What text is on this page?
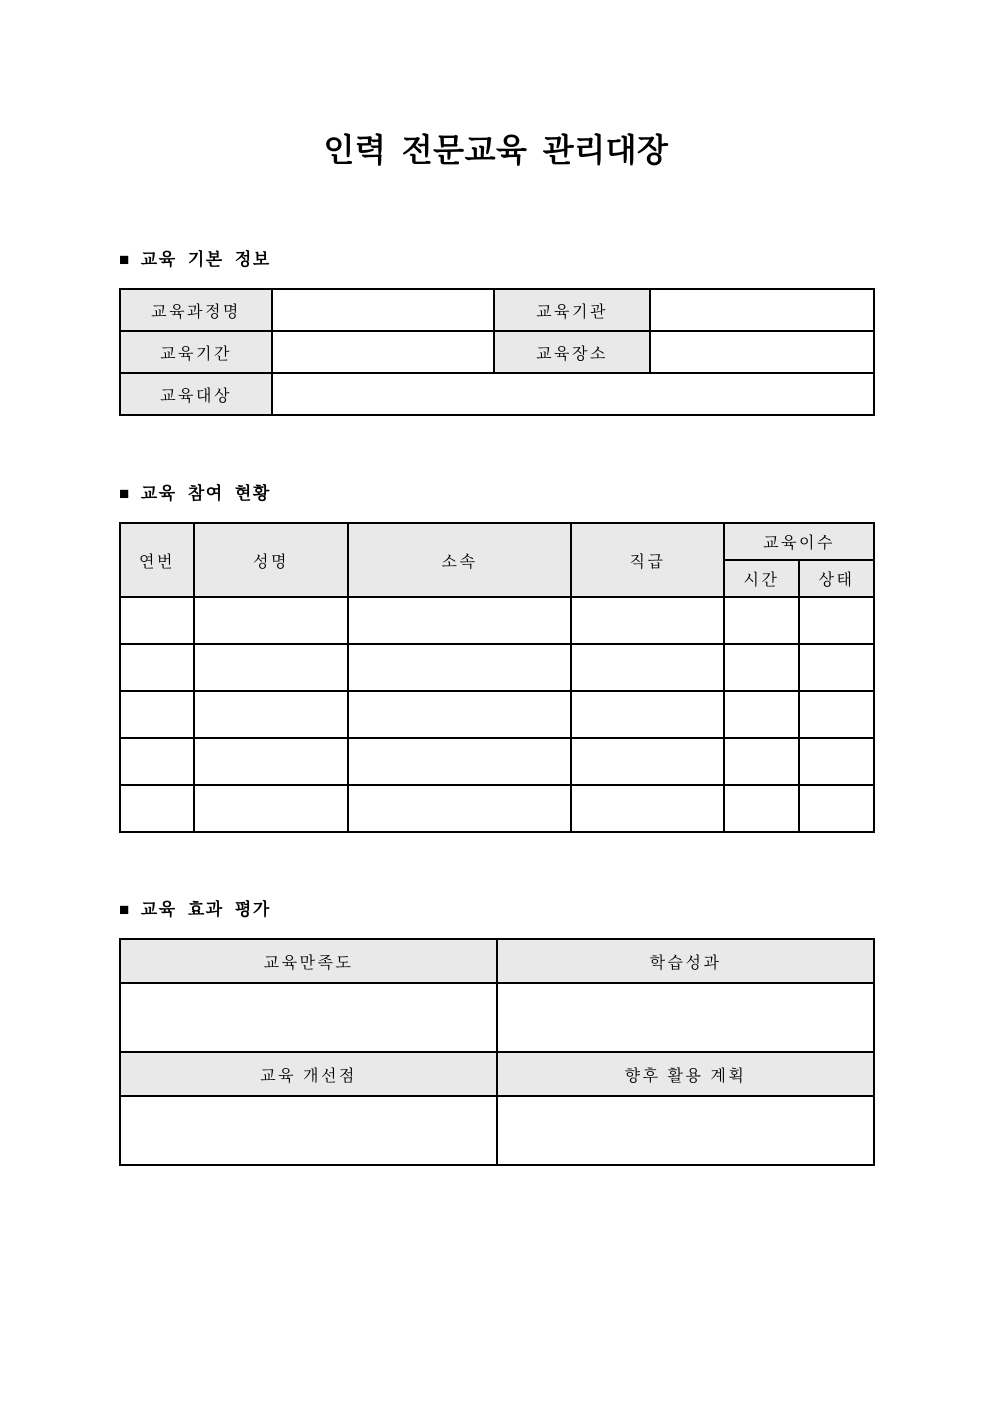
인력 전문교육 관리대장
■ 교육 기본 정보
교육과정명		교육기관	
교육기간		교육장소	
교육대상			
■ 교육 참여 현황
연번	성명	소속	직급	교육이수	
				시간	상태

■ 교육 효과 평가
교육만족도	학습성과

교육 개선점	향후 활용 계획
